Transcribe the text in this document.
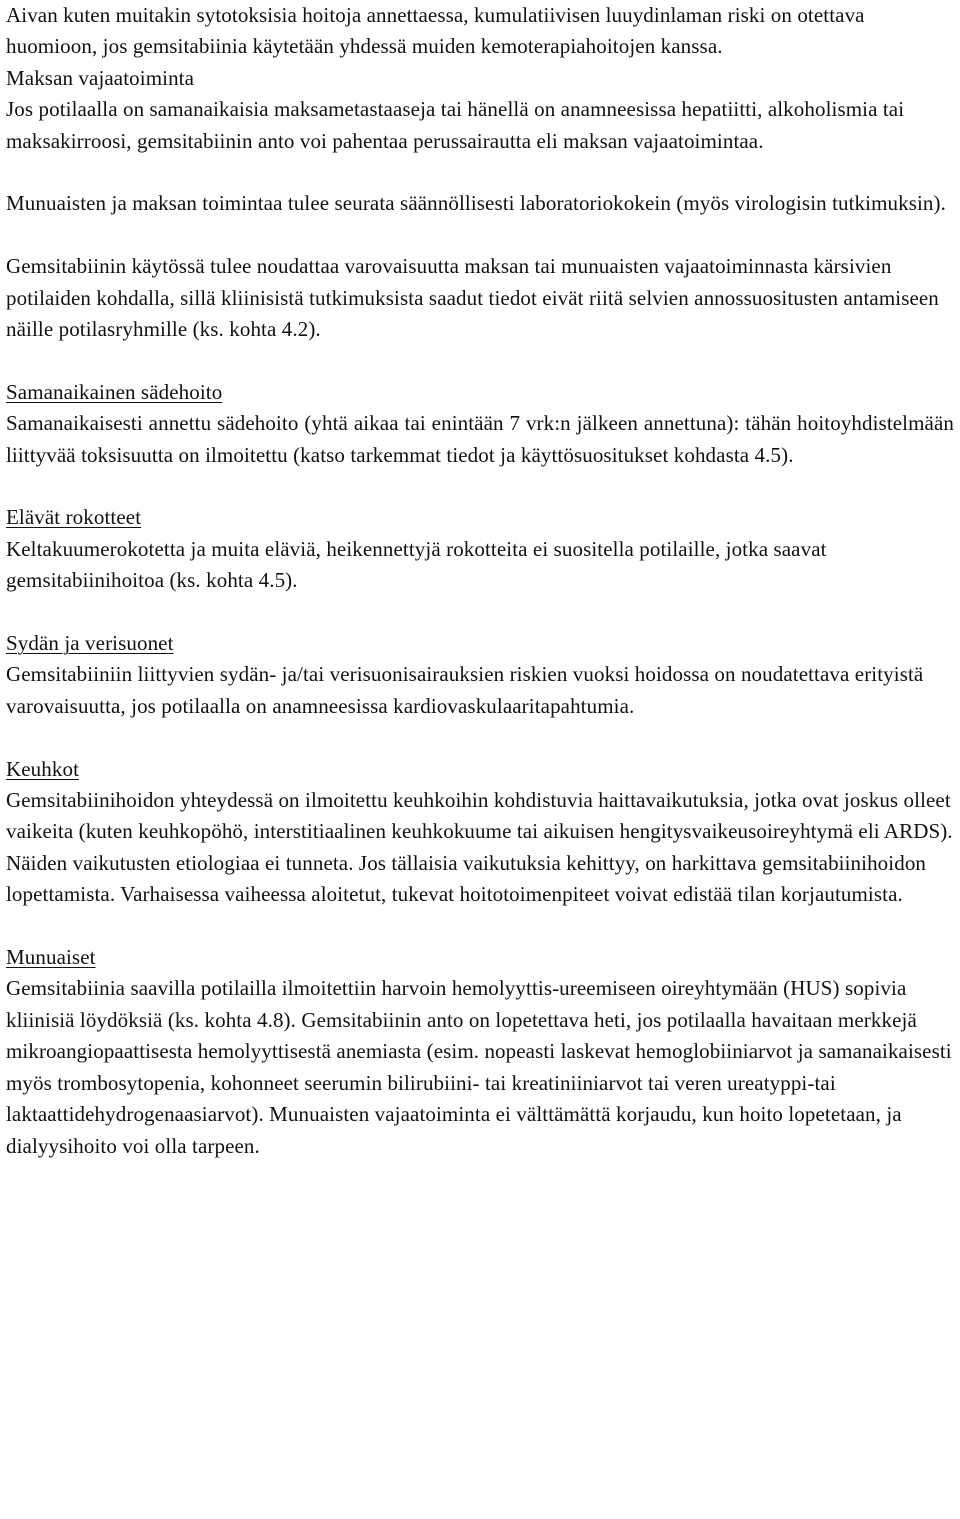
Aivan kuten muitakin sytotoksisia hoitoja annettaessa, kumulatiivisen luuydinlaman riski on otettava huomioon, jos gemsitabiinia käytetään yhdessä muiden kemoterapiahoitojen kanssa.
Maksan vajaatoiminta
Jos potilaalla on samanaikaisia maksametastaaseja tai hänellä on anamneesissa hepatiitti, alkoholismia tai maksakirroosi, gemsitabiinin anto voi pahentaa perussairautta eli maksan vajaatoimintaa.
Munuaisten ja maksan toimintaa tulee seurata säännöllisesti laboratoriokokein (myös virologisin tutkimuksin).
Gemsitabiinin käytössä tulee noudattaa varovaisuutta maksan tai munuaisten vajaatoiminnasta kärsivien potilaiden kohdalla, sillä kliinisistä tutkimuksista saadut tiedot eivät riitä selvien annossuositusten antamiseen näille potilasryhmille (ks. kohta 4.2).
Samanaikainen sädehoito
Samanaikaisesti annettu sädehoito (yhtä aikaa tai enintään 7 vrk:n jälkeen annettuna): tähän hoitoyhdistelmään liittyvää toksisuutta on ilmoitettu (katso tarkemmat tiedot ja käyttösuositukset kohdasta 4.5).
Elävät rokotteet
Keltakuumerokotetta ja muita eläviä, heikennettyjä rokotteita ei suositella potilaille, jotka saavat gemsitabiinihoitoa (ks. kohta 4.5).
Sydän ja verisuonet
Gemsitabiiniin liittyvien sydän- ja/tai verisuonisairauksien riskien vuoksi hoidossa on noudatettava erityistä varovaisuutta, jos potilaalla on anamneesissa kardiovaskulaaritapahtumia.
Keuhkot
Gemsitabiinihoidon yhteydessä on ilmoitettu keuhkoihin kohdistuvia haittavaikutuksia, jotka ovat joskus olleet vaikeita (kuten keuhkopöhö, interstitiaalinen keuhkokuume tai aikuisen hengitysvaikeusoireyhtymä eli ARDS). Näiden vaikutusten etiologiaa ei tunneta. Jos tällaisia vaikutuksia kehittyy, on harkittava gemsitabiinihoidon lopettamista. Varhaisessa vaiheessa aloitetut, tukevat hoitotoimenpiteet voivat edistää tilan korjautumista.
Munuaiset
Gemsitabiinia saavilla potilailla ilmoitettiin harvoin hemolyyttis-ureemiseen oireyhtymään (HUS) sopivia kliinisiä löydöksiä (ks. kohta 4.8). Gemsitabiinin anto on lopetettava heti, jos potilaalla havaitaan merkkejä mikroangiopaattisesta hemolyyttisestä anemiasta (esim. nopeasti laskevat hemoglobiiniarvot ja samanaikaisesti myös trombosytopenia, kohonneet seerumin bilirubiini- tai kreatiniiniarvot tai veren ureatyppi-tai laktaattidehydrogenaasiarvot). Munuaisten vajaatoiminta ei välttämättä korjaudu, kun hoito lopetetaan, ja dialyysihoito voi olla tarpeen.
